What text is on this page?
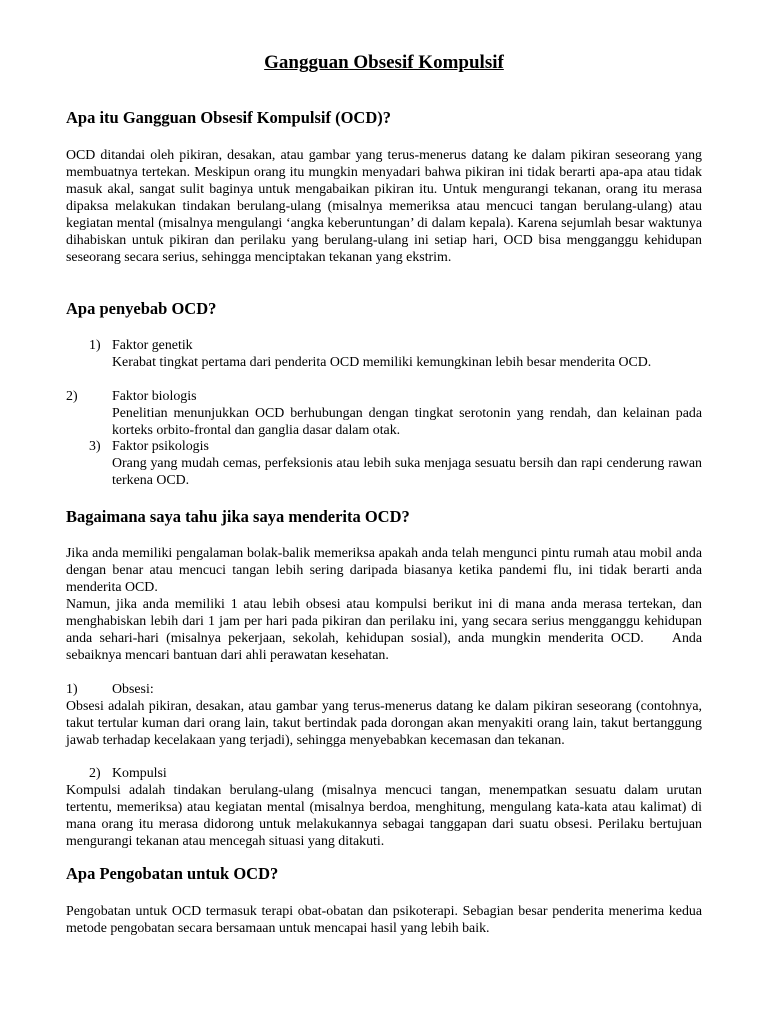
Gangguan Obsesif Kompulsif
Apa itu Gangguan Obsesif Kompulsif (OCD)?

OCD ditandai oleh pikiran, desakan, atau gambar yang terus-menerus datang ke dalam pikiran seseorang yang membuatnya tertekan. Meskipun orang itu mungkin menyadari bahwa pikiran ini tidak berarti apa-apa atau tidak masuk akal, sangat sulit baginya untuk mengabaikan pikiran itu. Untuk mengurangi tekanan, orang itu merasa dipaksa melakukan tindakan berulang-ulang (misalnya memeriksa atau mencuci tangan berulang-ulang) atau kegiatan mental (misalnya mengulangi ‘angka keberuntungan’ di dalam kepala). Karena sejumlah besar waktunya dihabiskan untuk pikiran dan perilaku yang berulang-ulang ini setiap hari, OCD bisa mengganggu kehidupan seseorang secara serius, sehingga menciptakan tekanan yang ekstrim.

Apa penyebab OCD?
1) Faktor genetik

Kerabat tingkat pertama dari penderita OCD memiliki kemungkinan lebih besar menderita OCD.

2) Faktor biologis

Penelitian menunjukkan OCD berhubungan dengan tingkat serotonin yang rendah, dan kelainan pada korteks orbito-frontal dan ganglia dasar dalam otak.

3) Faktor psikologis

Orang yang mudah cemas, perfeksionis atau lebih suka menjaga sesuatu bersih dan rapi cenderung rawan terkena OCD.

Bagaimana saya tahu jika saya menderita OCD?

Jika anda memiliki pengalaman bolak-balik memeriksa apakah anda telah mengunci pintu rumah atau mobil anda dengan benar atau mencuci tangan lebih sering daripada biasanya ketika pandemi flu, ini tidak berarti anda menderita OCD.

Namun, jika anda memiliki 1 atau lebih obsesi atau kompulsi berikut ini di mana anda merasa tertekan, dan menghabiskan lebih dari 1 jam per hari pada pikiran dan perilaku ini, yang secara serius mengganggu kehidupan anda sehari-hari (misalnya pekerjaan, sekolah, kehidupan sosial), anda mungkin menderita OCD.    Anda sebaiknya mencari bantuan dari ahli perawatan kesehatan.

1) Obsesi:

Obsesi adalah pikiran, desakan, atau gambar yang terus-menerus datang ke dalam pikiran seseorang (contohnya, takut tertular kuman dari orang lain, takut bertindak pada dorongan akan menyakiti orang lain, takut bertanggung jawab terhadap kecelakaan yang terjadi), sehingga menyebabkan kecemasan dan tekanan.

2) Kompulsi

Kompulsi adalah tindakan berulang-ulang (misalnya mencuci tangan, menempatkan sesuatu dalam urutan tertentu, memeriksa) atau kegiatan mental (misalnya berdoa, menghitung, mengulang kata-kata atau kalimat) di mana orang itu merasa didorong untuk melakukannya sebagai tanggapan dari suatu obsesi. Perilaku bertujuan mengurangi tekanan atau mencegah situasi yang ditakuti.

Apa Pengobatan untuk OCD?

Pengobatan untuk OCD termasuk terapi obat-obatan dan psikoterapi. Sebagian besar penderita menerima kedua metode pengobatan secara bersamaan untuk mencapai hasil yang lebih baik.
